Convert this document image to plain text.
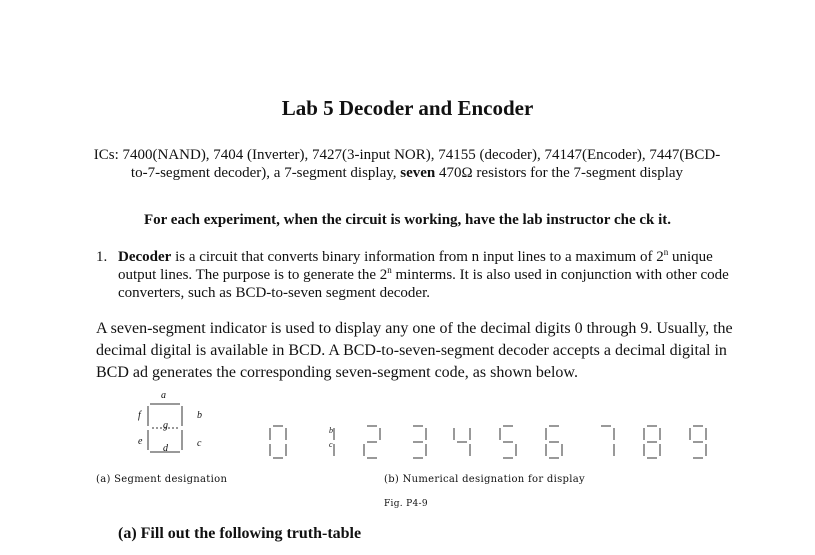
Lab 5 Decoder and Encoder
ICs: 7400(NAND), 7404 (Inverter), 7427(3-input NOR), 74155 (decoder), 74147(Encoder), 7447(BCD-to-7-segment decoder), a 7-segment display, seven 470Ω resistors for the 7-segment display
For each experiment, when the circuit is working, have the lab instructor che ck it.
1. Decoder is a circuit that converts binary information from n input lines to a maximum of 2$^n$ unique output lines. The purpose is to generate the 2$^n$ minterms. It is also used in conjunction with other code converters, such as BCD-to-seven segment decoder.
A seven-segment indicator is used to display any one of the decimal digits 0 through 9. Usually, the decimal digital is available in BCD. A BCD-to-seven-segment decoder accepts a decimal digital in BCD ad generates the corresponding seven-segment code, as shown below.
a
b
c
d
e
f
g	b
c
(a) Segment designation	(b) Numerical designation for display
Fig. P4-9
(a) Fill out the following truth-table
